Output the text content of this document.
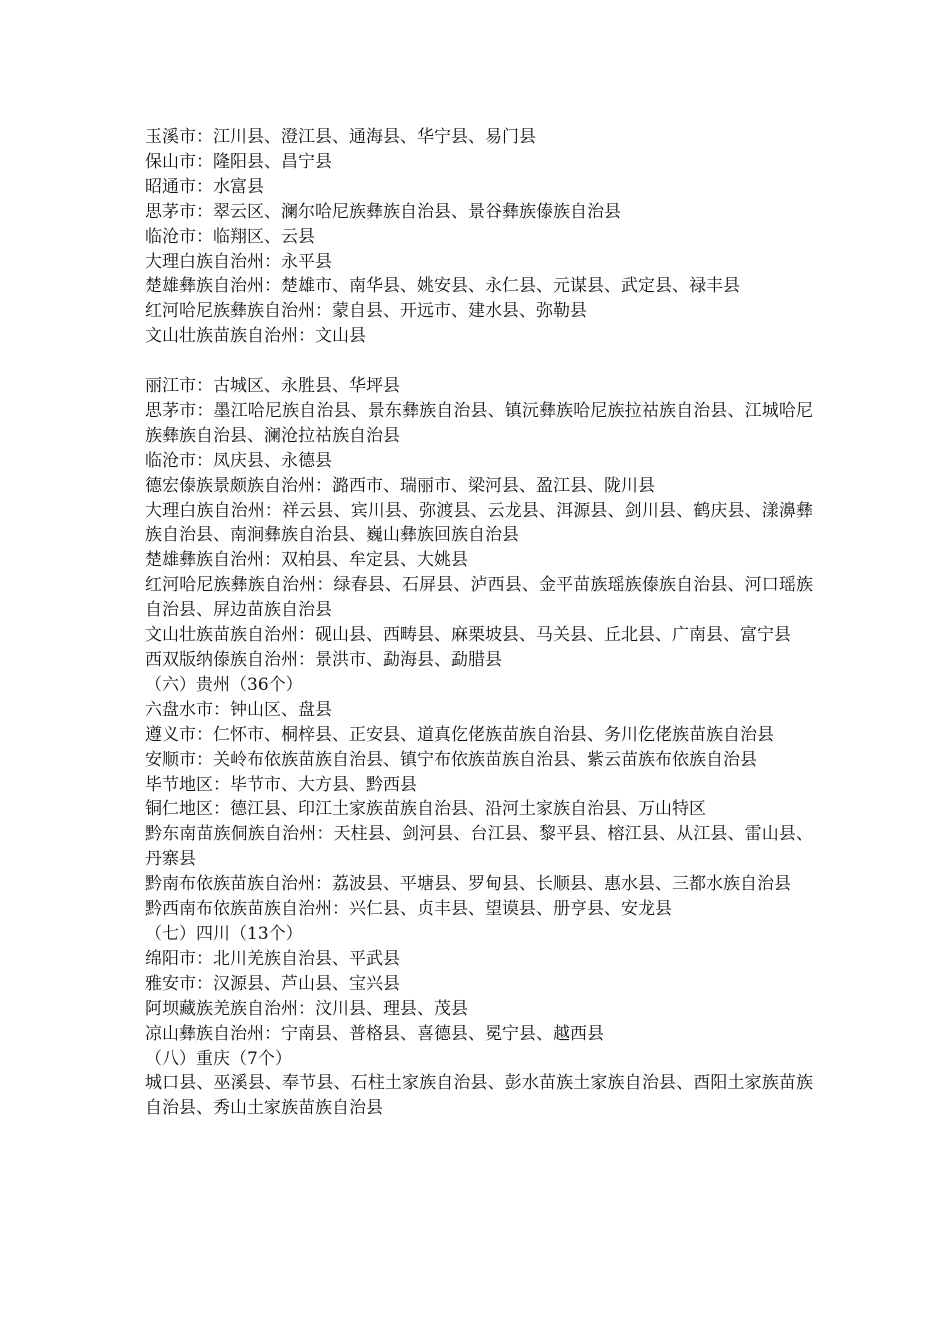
玉溪市：江川县、澄江县、通海县、华宁县、易门县

保山市：隆阳县、昌宁县

昭通市：水富县

思茅市：翠云区、澜尔哈尼族彝族自治县、景谷彝族傣族自治县

临沧市：临翔区、云县

大理白族自治州：永平县

楚雄彝族自治州：楚雄市、南华县、姚安县、永仁县、元谋县、武定县、禄丰县

红河哈尼族彝族自治州：蒙自县、开远市、建水县、弥勒县

文山壮族苗族自治州：文山县

丽江市：古城区、永胜县、华坪县

思茅市：墨江哈尼族自治县、景东彝族自治县、镇沅彝族哈尼族拉祜族自治县、江城哈尼族彝族自治县、澜沧拉祜族自治县

临沧市：凤庆县、永德县

德宏傣族景颇族自治州：潞西市、瑞丽市、梁河县、盈江县、陇川县

大理白族自治州：祥云县、宾川县、弥渡县、云龙县、洱源县、剑川县、鹤庆县、漾濞彝族自治县、南涧彝族自治县、巍山彝族回族自治县

楚雄彝族自治州：双柏县、牟定县、大姚县

红河哈尼族彝族自治州：绿春县、石屏县、泸西县、金平苗族瑶族傣族自治县、河口瑶族自治县、屏边苗族自治县

文山壮族苗族自治州：砚山县、西畴县、麻栗坡县、马关县、丘北县、广南县、富宁县

西双版纳傣族自治州：景洪市、勐海县、勐腊县

（六）贵州（36个）

六盘水市：钟山区、盘县

遵义市：仁怀市、桐梓县、正安县、道真仡佬族苗族自治县、务川仡佬族苗族自治县

安顺市：关岭布依族苗族自治县、镇宁布依族苗族自治县、紫云苗族布依族自治县

毕节地区：毕节市、大方县、黔西县

铜仁地区：德江县、印江土家族苗族自治县、沿河土家族自治县、万山特区

黔东南苗族侗族自治州：天柱县、剑河县、台江县、黎平县、榕江县、从江县、雷山县、丹寨县

黔南布依族苗族自治州：荔波县、平塘县、罗甸县、长顺县、惠水县、三都水族自治县

黔西南布依族苗族自治州：兴仁县、贞丰县、望谟县、册亨县、安龙县

（七）四川（13个）

绵阳市：北川羌族自治县、平武县

雅安市：汉源县、芦山县、宝兴县

阿坝藏族羌族自治州：汶川县、理县、茂县

凉山彝族自治州：宁南县、普格县、喜德县、冕宁县、越西县

（八）重庆（7个）

城口县、巫溪县、奉节县、石柱土家族自治县、彭水苗族土家族自治县、酉阳土家族苗族自治县、秀山土家族苗族自治县
